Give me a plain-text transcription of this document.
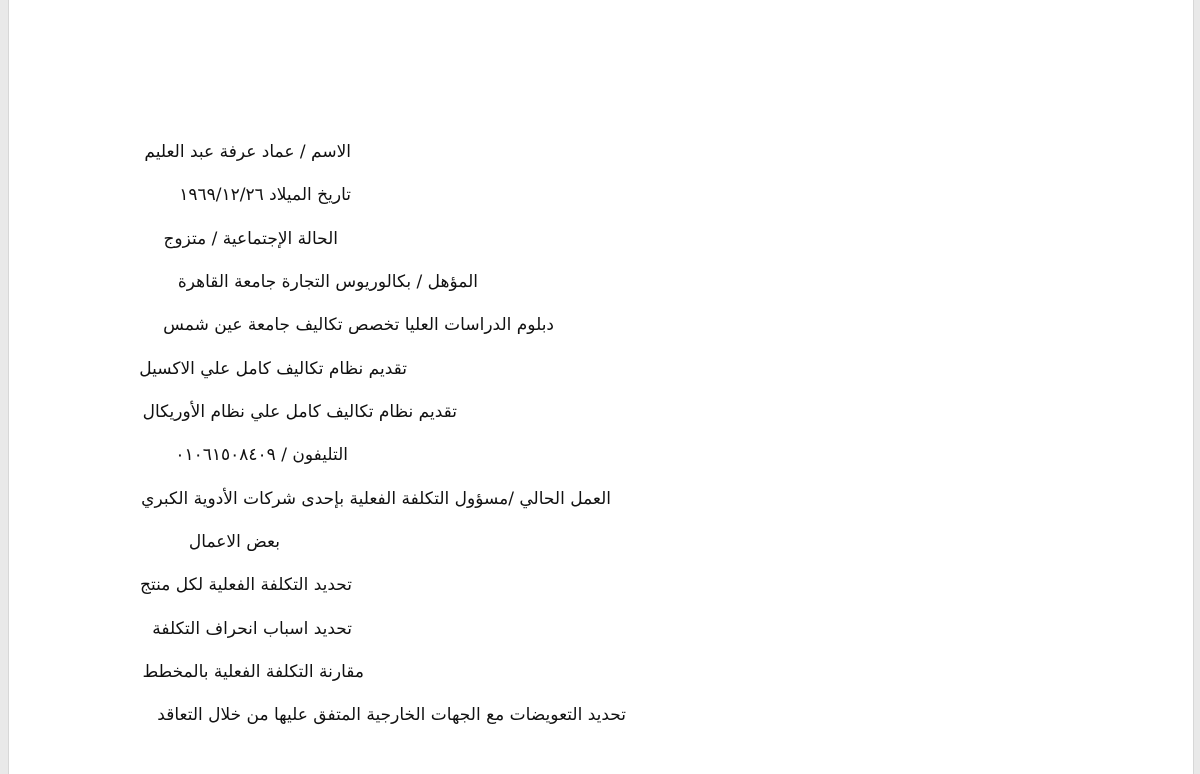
الاسم / عماد عرفة عبد العليم
تاريخ الميلاد ١٩٦٩/١٢/٢٦
الحالة الإجتماعية / متزوج
المؤهل / بكالوريوس التجارة جامعة القاهرة
دبلوم الدراسات العليا تخصص تكاليف جامعة عين شمس
تقديم نظام تكاليف كامل علي الاكسيل
تقديم نظام تكاليف كامل علي نظام الأوريكال
التليفون / ٠١٠٦١٥٠٨٤٠٩
العمل الحالي /مسؤول التكلفة الفعلية بإحدى شركات الأدوية الكبري
بعض الاعمال
تحديد التكلفة الفعلية لكل منتج
تحديد اسباب انحراف التكلفة
مقارنة التكلفة الفعلية بالمخطط
تحديد التعويضات مع الجهات الخارجية المتفق عليها من خلال التعاقد
